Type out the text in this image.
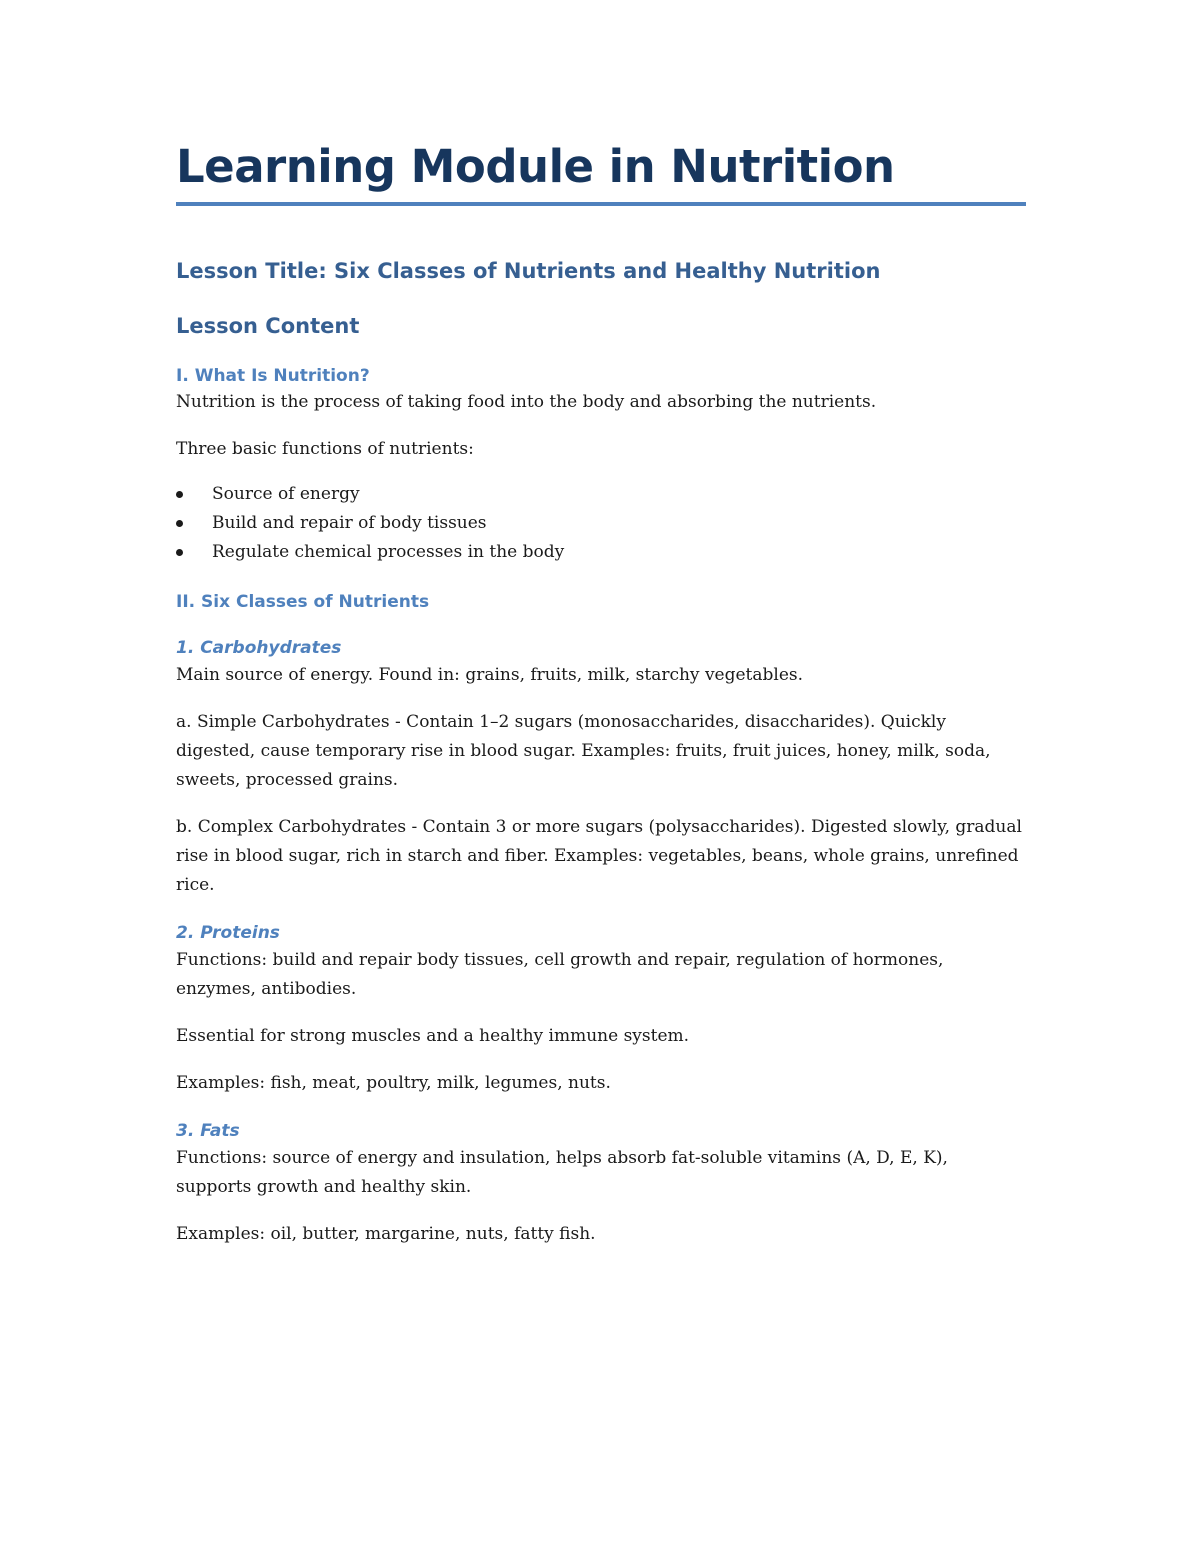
Learning Module in Nutrition
Lesson Title: Six Classes of Nutrients and Healthy Nutrition
Lesson Content
I. What Is Nutrition?

Nutrition is the process of taking food into the body and absorbing the nutrients.

Three basic functions of nutrients:

Source of energy
Build and repair of body tissues
Regulate chemical processes in the body
II. Six Classes of Nutrients
1. Carbohydrates

Main source of energy. Found in: grains, fruits, milk, starchy vegetables.

a. Simple Carbohydrates - Contain 1–2 sugars (monosaccharides, disaccharides). Quickly digested, cause temporary rise in blood sugar. Examples: fruits, fruit juices, honey, milk, soda, sweets, processed grains.

b. Complex Carbohydrates - Contain 3 or more sugars (polysaccharides). Digested slowly, gradual rise in blood sugar, rich in starch and fiber. Examples: vegetables, beans, whole grains, unrefined rice.

2. Proteins

Functions: build and repair body tissues, cell growth and repair, regulation of hormones, enzymes, antibodies.

Essential for strong muscles and a healthy immune system.

Examples: fish, meat, poultry, milk, legumes, nuts.

3. Fats

Functions: source of energy and insulation, helps absorb fat-soluble vitamins (A, D, E, K), supports growth and healthy skin.

Examples: oil, butter, margarine, nuts, fatty fish.
